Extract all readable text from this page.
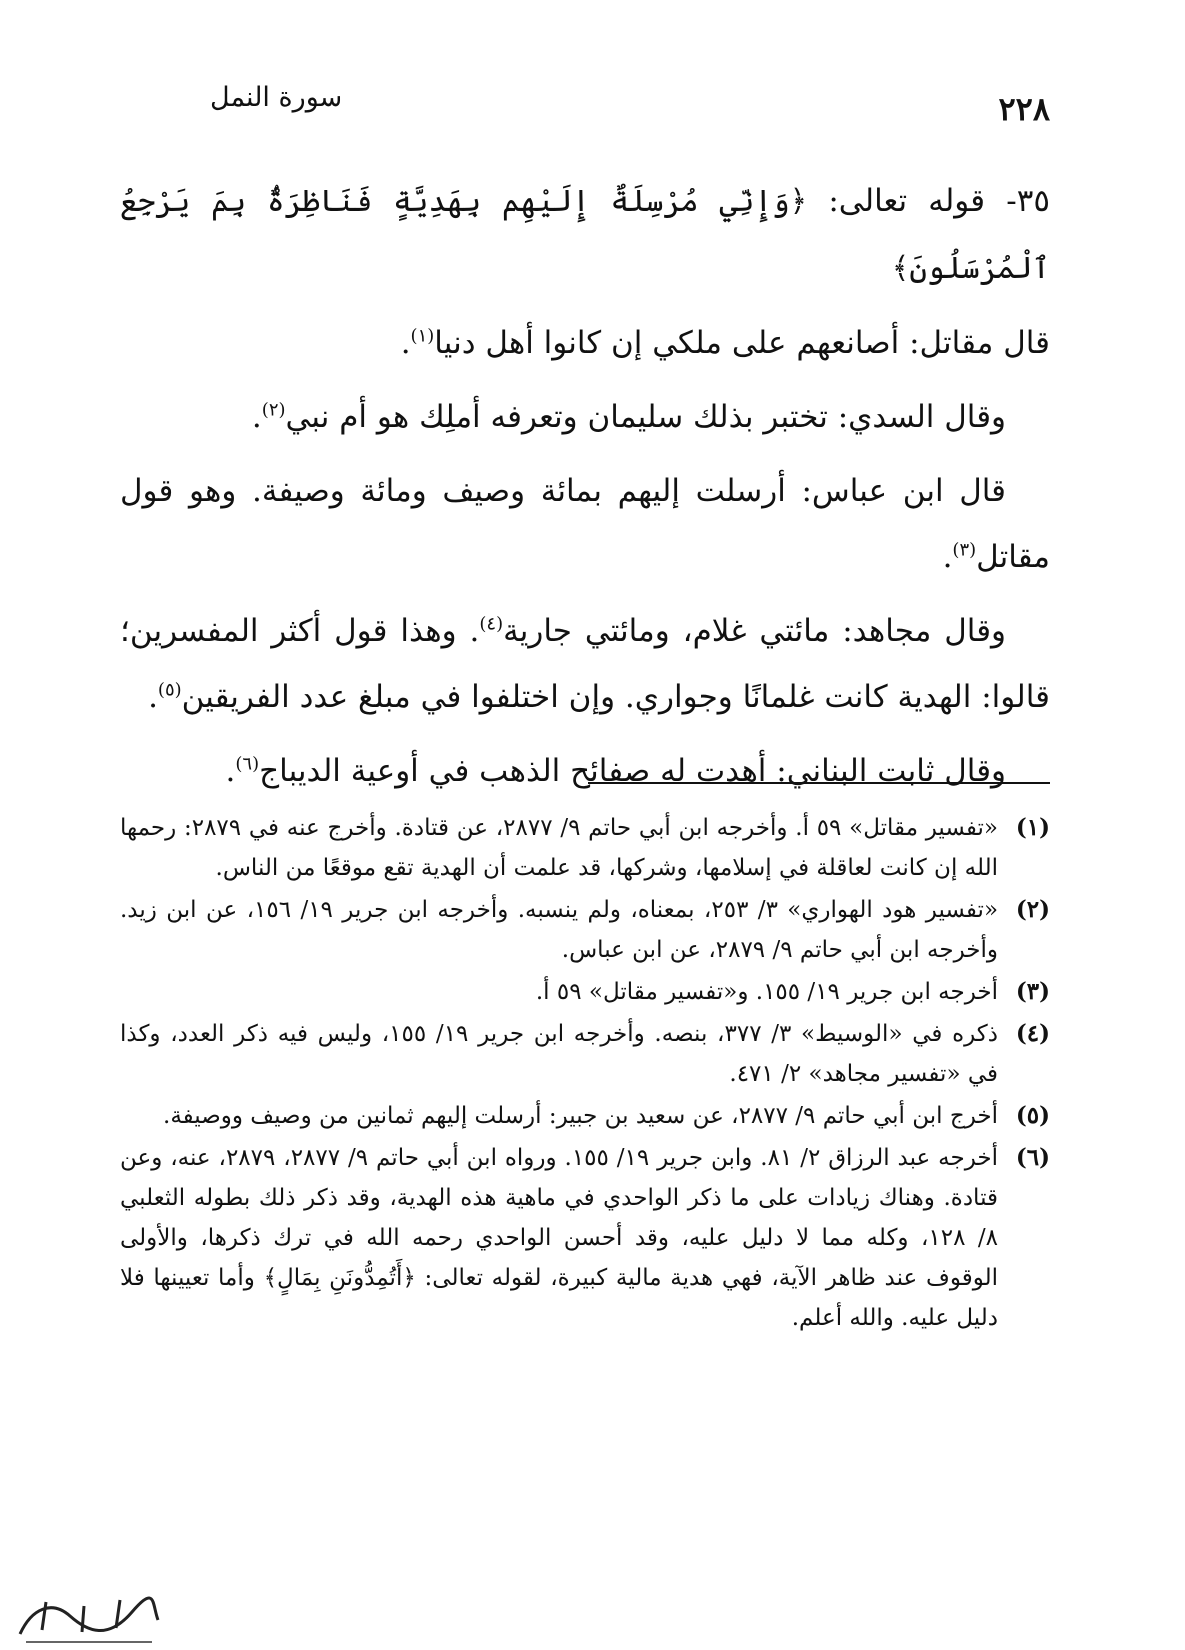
سورة النمل	٢٢٨

٣٥- قوله تعالى: ﴿وَإِنِّي مُرْسِلَةٌ إِلَيْهِم بِهَدِيَّةٍ فَنَاظِرَةٌۢ بِمَ يَرْجِعُ ٱلْمُرْسَلُونَ﴾

قال مقاتل: أصانعهم على ملكي إن كانوا أهل دنيا$^{(١)}$.

وقال السدي: تختبر بذلك سليمان وتعرفه أملِك هو أم نبي$^{(٢)}$.

قال ابن عباس: أرسلت إليهم بمائة وصيف ومائة وصيفة. وهو قول مقاتل$^{(٣)}$.

وقال مجاهد: مائتي غلام، ومائتي جارية$^{(٤)}$. وهذا قول أكثر المفسرين؛ قالوا: الهدية كانت غلمانًا وجواري. وإن اختلفوا في مبلغ عدد الفريقين$^{(٥)}$.

وقال ثابت البناني: أهدت له صفائح الذهب في أوعية الديباج$^{(٦)}$.

(١)
«تفسير مقاتل» ٥٩ أ. وأخرجه ابن أبي حاتم ٩/ ٢٨٧٧، عن قتادة. وأخرج عنه في ٢٨٧٩: رحمها الله إن كانت لعاقلة في إسلامها، وشركها، قد علمت أن الهدية تقع موقعًا من الناس.
(٢)
«تفسير هود الهواري» ٣/ ٢٥٣، بمعناه، ولم ينسبه. وأخرجه ابن جرير ١٩/ ١٥٦، عن ابن زيد. وأخرجه ابن أبي حاتم ٩/ ٢٨٧٩، عن ابن عباس.
(٣)
أخرجه ابن جرير ١٩/ ١٥٥. و«تفسير مقاتل» ٥٩ أ.
(٤)
ذكره في «الوسيط» ٣/ ٣٧٧، بنصه. وأخرجه ابن جرير ١٩/ ١٥٥، وليس فيه ذكر العدد، وكذا في «تفسير مجاهد» ٢/ ٤٧١.
(٥)
أخرج ابن أبي حاتم ٩/ ٢٨٧٧، عن سعيد بن جبير: أرسلت إليهم ثمانين من وصيف ووصيفة.
(٦)
أخرجه عبد الرزاق ٢/ ٨١. وابن جرير ١٩/ ١٥٥. ورواه ابن أبي حاتم ٩/ ٢٨٧٧، ٢٨٧٩، عنه، وعن قتادة. وهناك زيادات على ما ذكر الواحدي في ماهية هذه الهدية، وقد ذكر ذلك بطوله الثعلبي ٨/ ١٢٨، وكله مما لا دليل عليه، وقد أحسن الواحدي رحمه الله في ترك ذكرها، والأولى الوقوف عند ظاهر الآية، فهي هدية مالية كبيرة، لقوله تعالى: ﴿أَتُمِدُّونَنِ بِمَالٍ﴾ وأما تعيينها فلا دليل عليه. والله أعلم.
